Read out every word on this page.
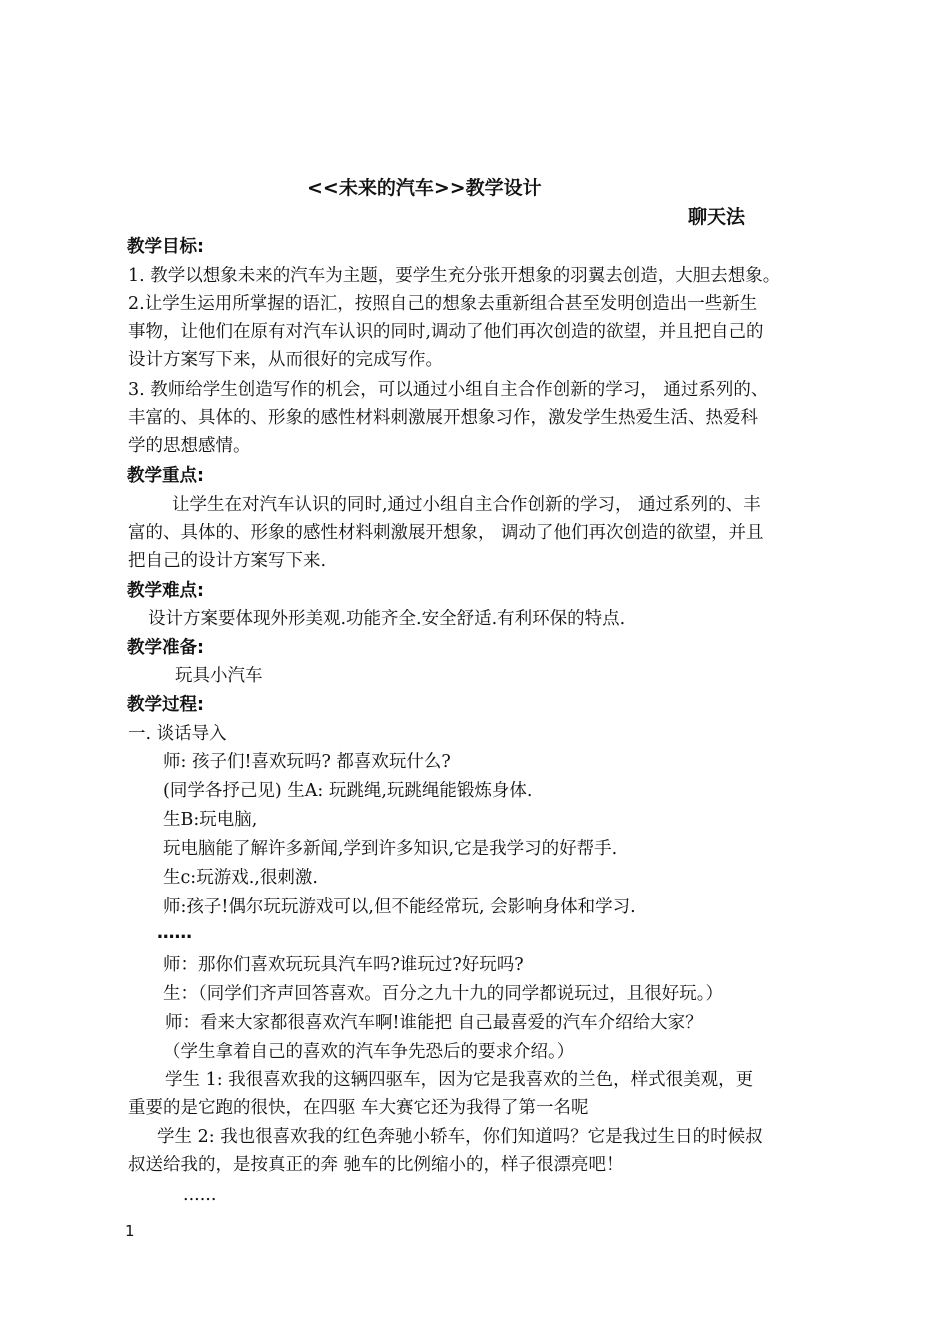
<<未来的汽车>>教学设计
聊天法
教学目标:
1. 教学以想象未来的汽车为主题，要学生充分张开想象的羽翼去创造，大胆去想象。
2.让学生运用所掌握的语汇，按照自己的想象去重新组合甚至发明创造出一些新生
事物，让他们在原有对汽车认识的同时,调动了他们再次创造的欲望，并且把自己的
设计方案写下来，从而很好的完成写作。
3. 教师给学生创造写作的机会，可以通过小组自主合作创新的学习， 通过系列的、
丰富的、具体的、形象的感性材料刺激展开想象习作，激发学生热爱生活、热爱科
学的思想感情。
教学重点:
让学生在对汽车认识的同时,通过小组自主合作创新的学习， 通过系列的、丰
富的、具体的、形象的感性材料刺激展开想象， 调动了他们再次创造的欲望，并且
把自己的设计方案写下来.
教学难点:
设计方案要体现外形美观.功能齐全.安全舒适.有利环保的特点.
教学准备:
玩具小汽车
教学过程:
一. 谈话导入
师: 孩子们!喜欢玩吗? 都喜欢玩什么?
(同学各抒己见) 生A: 玩跳绳,玩跳绳能锻炼身体.
生B:玩电脑,
玩电脑能了解许多新闻,学到许多知识,它是我学习的好帮手.
生c:玩游戏.,很刺激.
师:孩子!偶尔玩玩游戏可以,但不能经常玩, 会影响身体和学习.
……
师：那你们喜欢玩玩具汽车吗?谁玩过?好玩吗?
生：（同学们齐声回答喜欢。百分之九十九的同学都说玩过，且很好玩。）
师：看来大家都很喜欢汽车啊!谁能把 自己最喜爱的汽车介绍给大家？
（学生拿着自己的喜欢的汽车争先恐后的要求介绍。）
学生 1: 我很喜欢我的这辆四驱车，因为它是我喜欢的兰色，样式很美观，更
重要的是它跑的很快，在四驱 车大赛它还为我得了第一名呢
学生 2: 我也很喜欢我的红色奔驰小轿车，你们知道吗？它是我过生日的时候叔
叔送给我的，是按真正的奔 驰车的比例缩小的，样子很漂亮吧！
......
1
